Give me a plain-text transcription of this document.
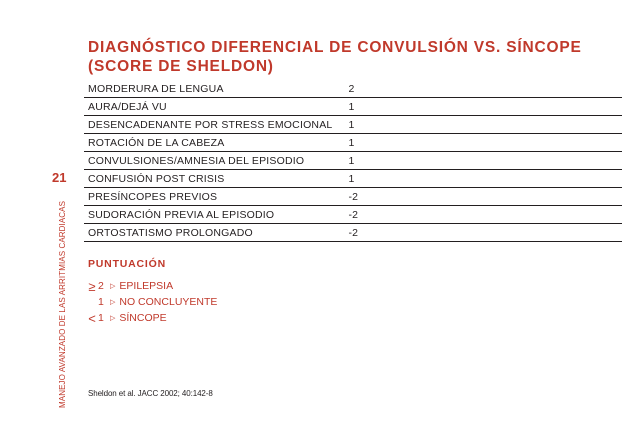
MANEJO AVANZADO DE LAS ARRITMIAS CARDIACAS
21
DIAGNÓSTICO DIFERENCIAL DE CONVULSIÓN VS. SÍNCOPE
(SCORE DE SHELDON)
MORDERURA DE LENGUA	2
AURA/DEJÁ VU	1
DESENCADENANTE POR STRESS EMOCIONAL	1
ROTACIÓN DE LA CABEZA	1
CONVULSIONES/AMNESIA DEL EPISODIO	1
CONFUSIÓN POST CRISIS	1
PRESÍNCOPES PREVIOS	-2
SUDORACIÓN PREVIA AL EPISODIO	-2
ORTOSTATISMO PROLONGADO	-2
PUNTUACIÓN
≥ 2 ▷ EPILEPSIA
1 ▷ NO CONCLUYENTE
< 1 ▷ SÍNCOPE
Sheldon et al. JACC 2002; 40:142-8
